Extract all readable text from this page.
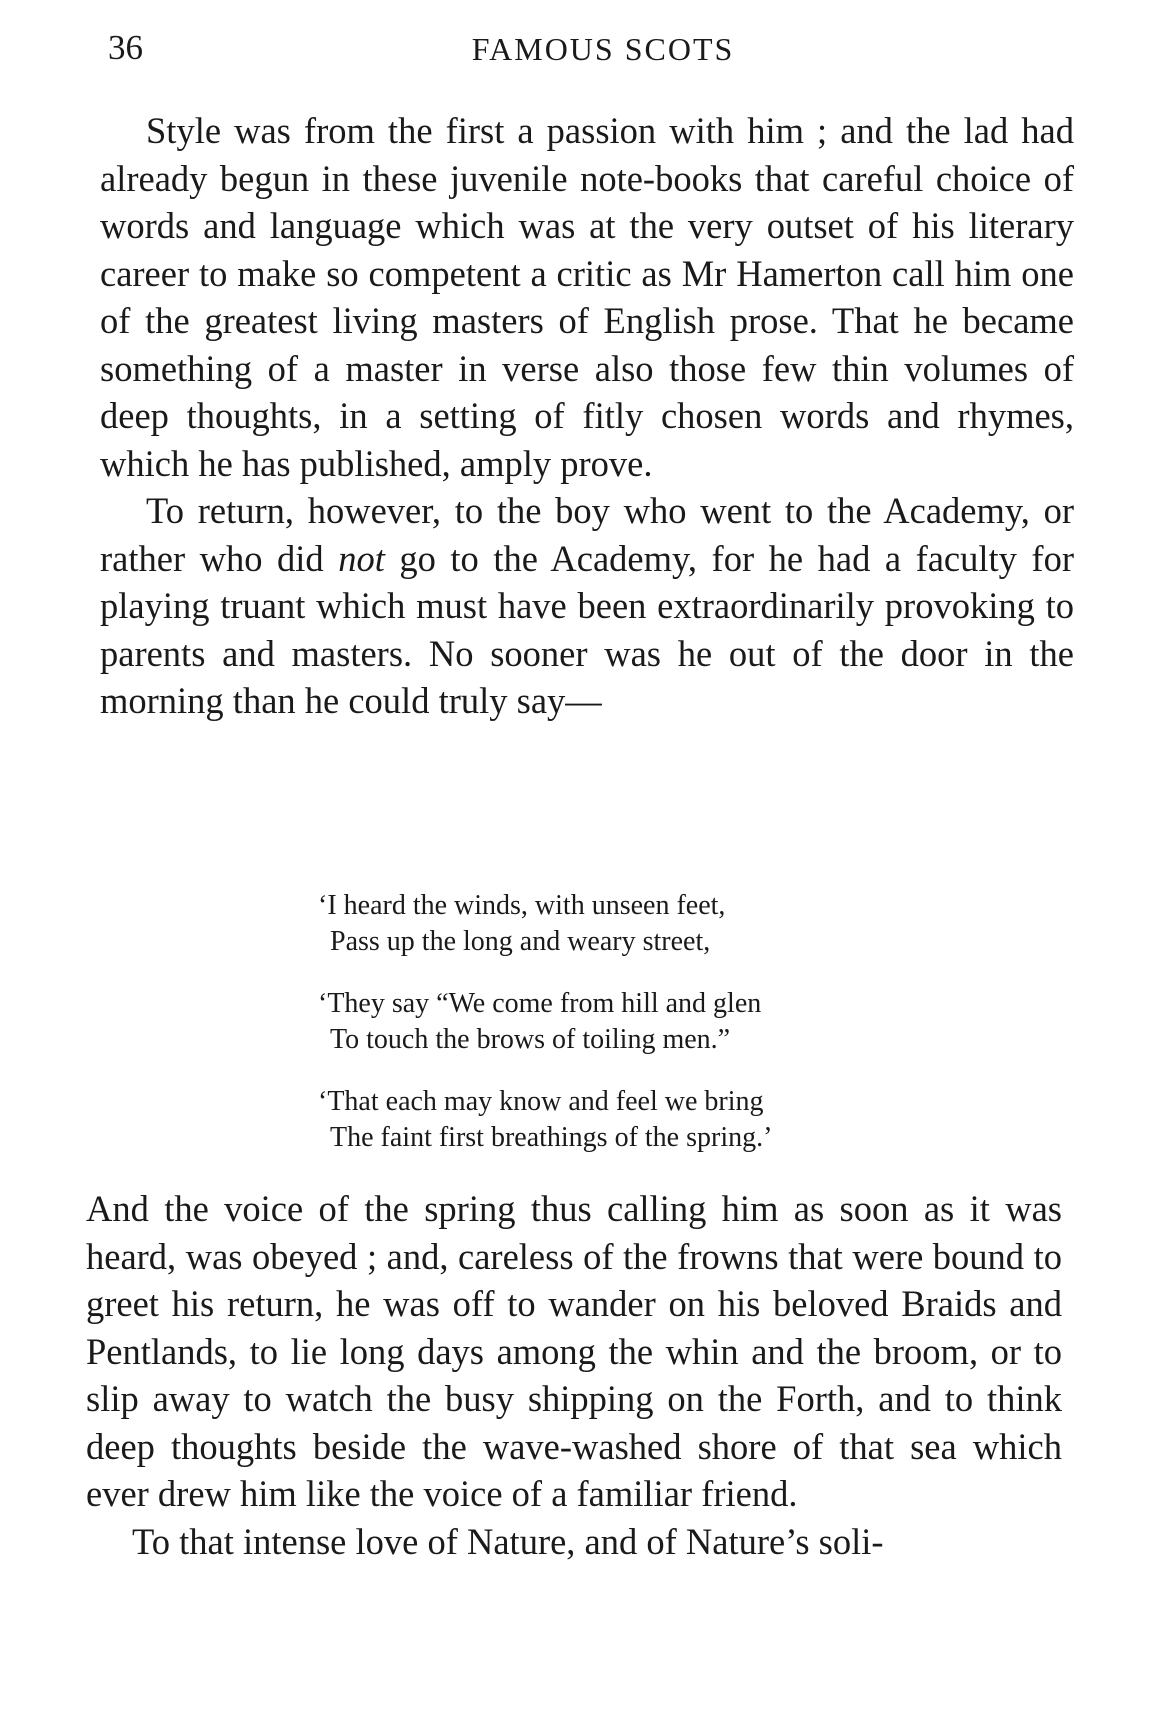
36	FAMOUS SCOTS

Style was from the first a passion with him ; and the lad had already begun in these juvenile note-books that careful choice of words and language which was at the very outset of his literary career to make so competent a critic as Mr Hamerton call him one of the greatest living masters of English prose. That he became something of a master in verse also those few thin volumes of deep thoughts, in a setting of fitly chosen words and rhymes, which he has published, amply prove.

To return, however, to the boy who went to the Academy, or rather who did not go to the Academy, for he had a faculty for playing truant which must have been extraordinarily provoking to parents and masters. No sooner was he out of the door in the morning than he could truly say—

‘I heard the winds, with unseen feet,
Pass up the long and weary street,
‘They say “We come from hill and glen
To touch the brows of toiling men.”
‘That each may know and feel we bring
The faint first breathings of the spring.’

And the voice of the spring thus calling him as soon as it was heard, was obeyed ; and, careless of the frowns that were bound to greet his return, he was off to wander on his beloved Braids and Pentlands, to lie long days among the whin and the broom, or to slip away to watch the busy shipping on the Forth, and to think deep thoughts beside the wave-washed shore of that sea which ever drew him like the voice of a familiar friend.

To that intense love of Nature, and of Nature’s soli-
